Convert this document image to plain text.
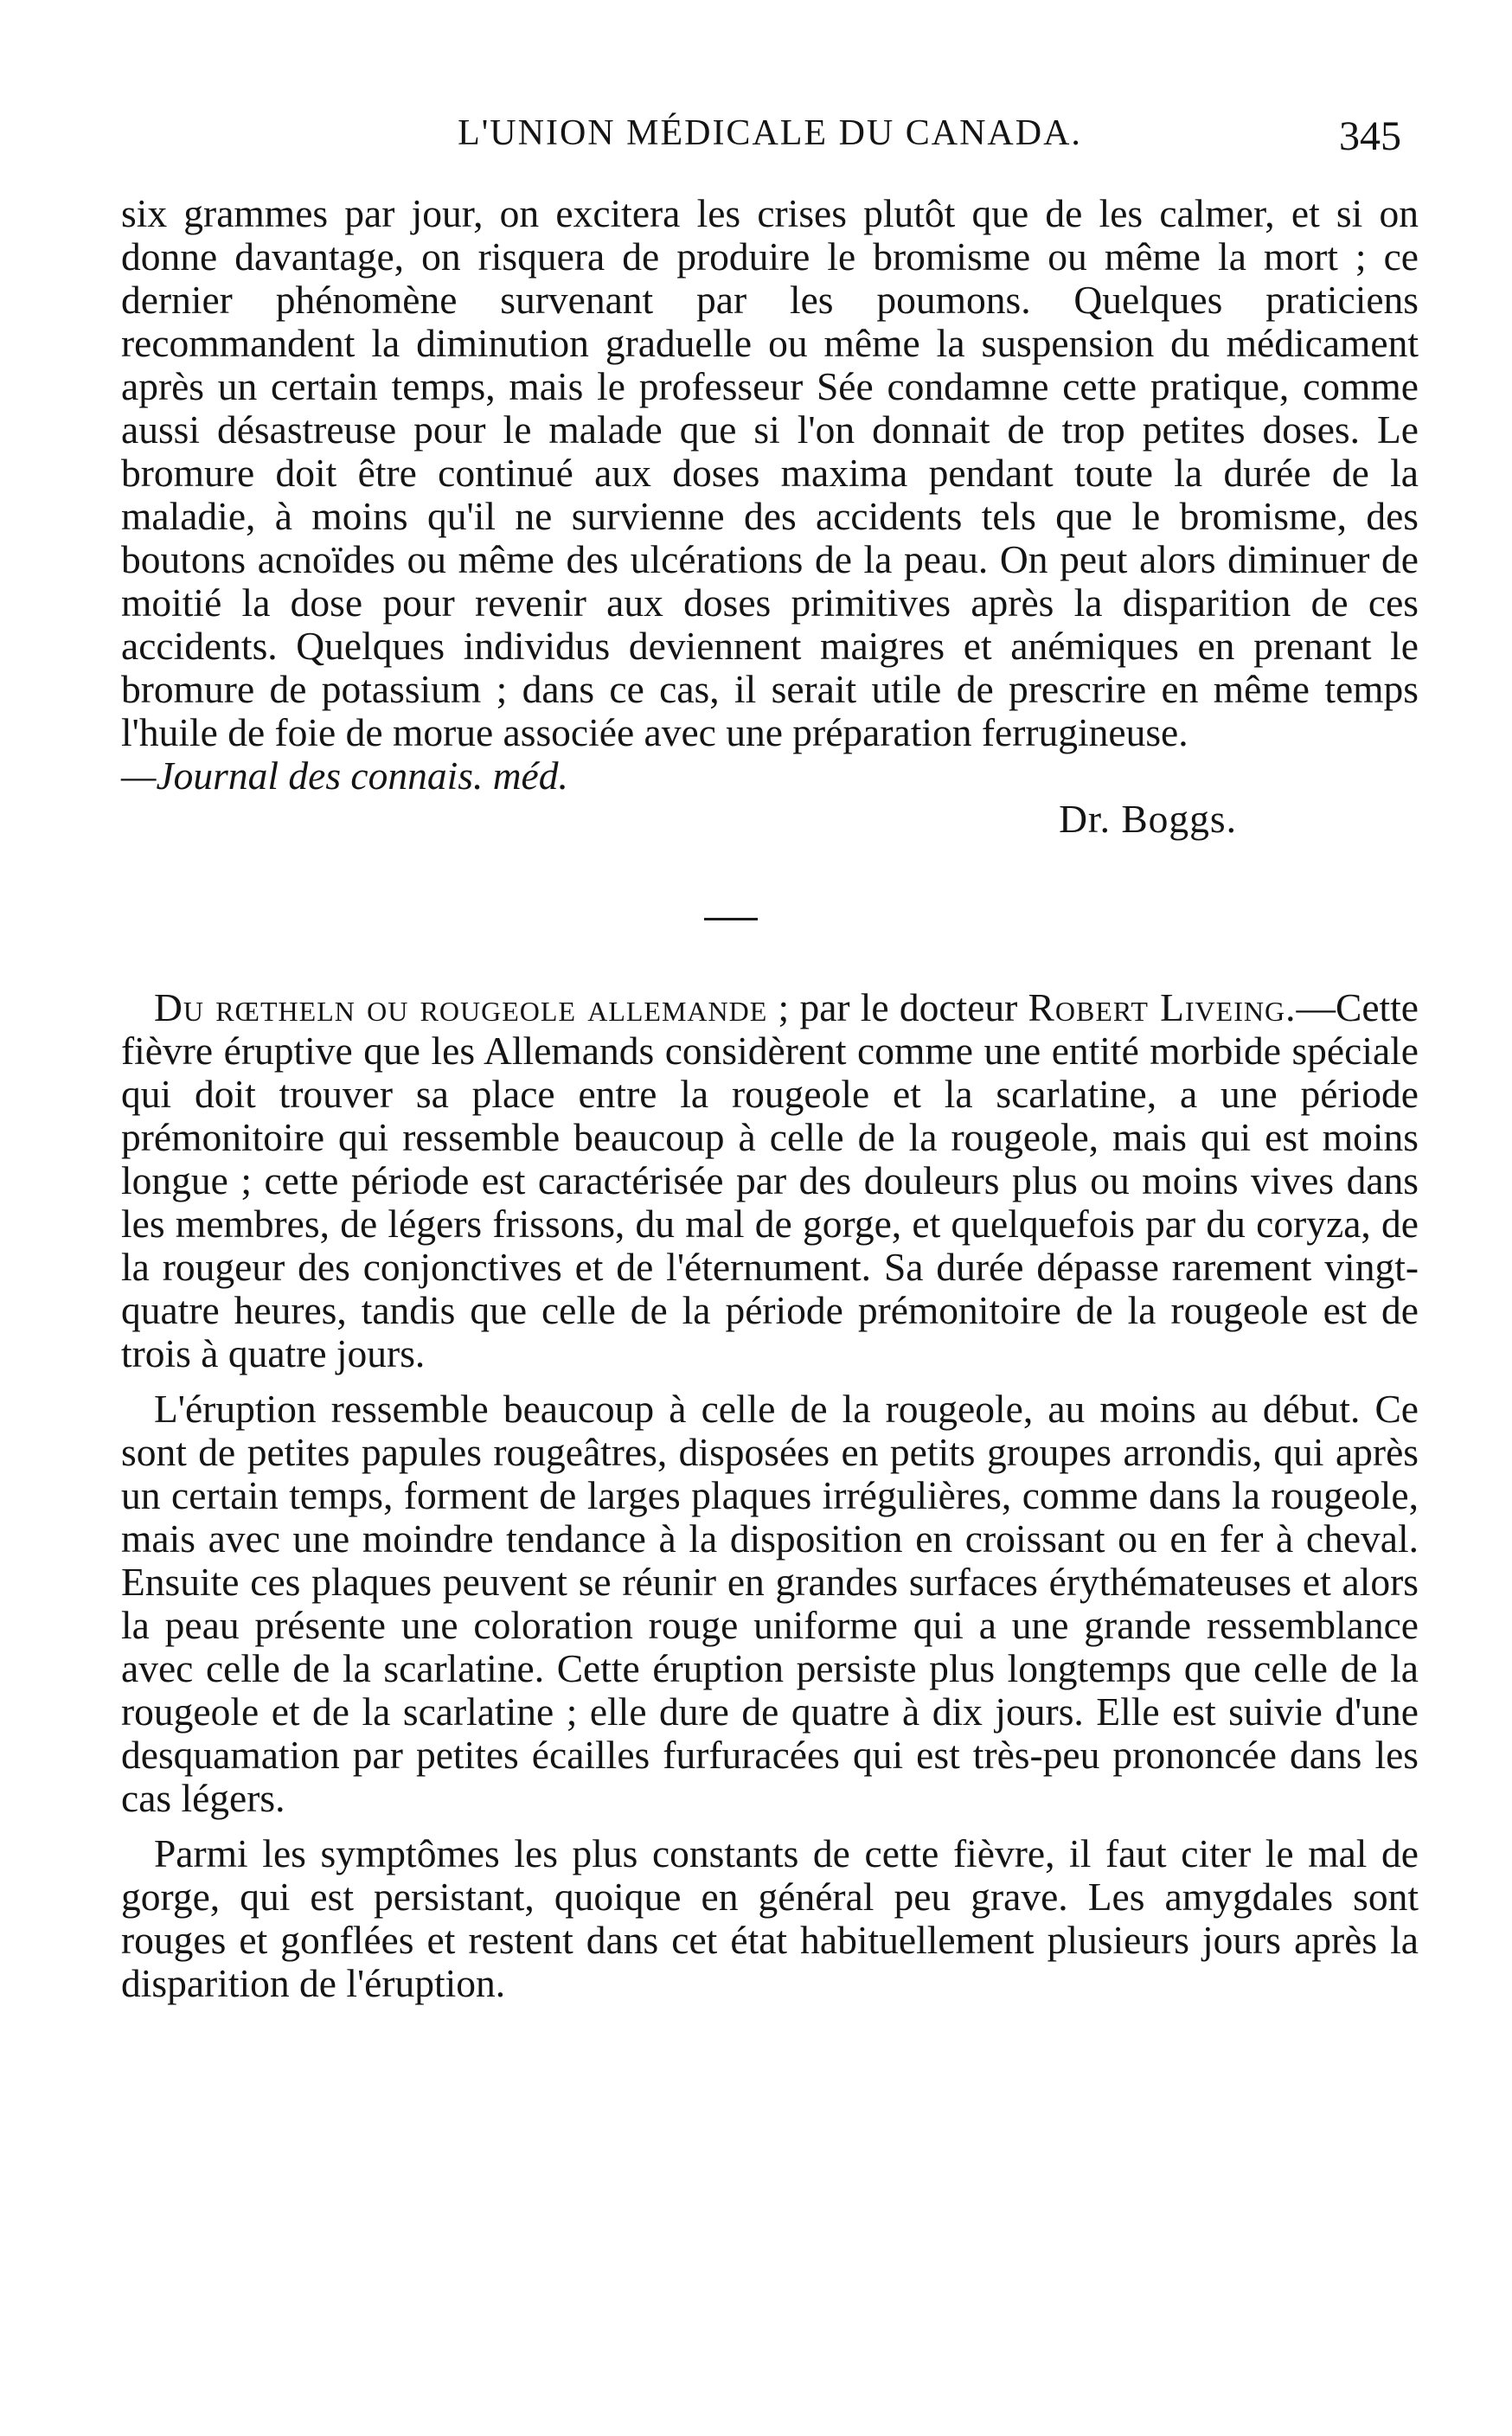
L'UNION MÉDICALE DU CANADA.	345

six grammes par jour, on excitera les crises plutôt que de les calmer, et si on donne davantage, on risquera de produire le bromisme ou même la mort ; ce dernier phénomène survenant par les poumons. Quelques praticiens recommandent la diminution graduelle ou même la suspension du médicament après un certain temps, mais le professeur Sée condamne cette pratique, comme aussi désastreuse pour le malade que si l'on donnait de trop petites doses. Le bromure doit être continué aux doses maxima pendant toute la durée de la maladie, à moins qu'il ne survienne des accidents tels que le bromisme, des boutons acnoïdes ou même des ulcérations de la peau. On peut alors diminuer de moitié la dose pour revenir aux doses primitives après la disparition de ces accidents. Quelques individus deviennent maigres et anémiques en prenant le bromure de potassium ; dans ce cas, il serait utile de prescrire en même temps l'huile de foie de morue associée avec une préparation ferrugineuse.

—Journal des connais. méd.

Dr. Boggs.

Du rœtheln ou rougeole allemande ; par le docteur Robert Liveing.—Cette fièvre éruptive que les Allemands considèrent comme une entité morbide spéciale qui doit trouver sa place entre la rougeole et la scarlatine, a une période prémonitoire qui ressemble beaucoup à celle de la rougeole, mais qui est moins longue ; cette période est caractérisée par des douleurs plus ou moins vives dans les membres, de légers frissons, du mal de gorge, et quelquefois par du coryza, de la rougeur des conjonctives et de l'éternument. Sa durée dépasse rarement vingt-quatre heures, tandis que celle de la période prémonitoire de la rougeole est de trois à quatre jours.

L'éruption ressemble beaucoup à celle de la rougeole, au moins au début. Ce sont de petites papules rougeâtres, disposées en petits groupes arrondis, qui après un certain temps, forment de larges plaques irrégulières, comme dans la rougeole, mais avec une moindre tendance à la disposition en croissant ou en fer à cheval. Ensuite ces plaques peuvent se réunir en grandes surfaces érythémateuses et alors la peau présente une coloration rouge uniforme qui a une grande ressemblance avec celle de la scarlatine. Cette éruption persiste plus longtemps que celle de la rougeole et de la scarlatine ; elle dure de quatre à dix jours. Elle est suivie d'une desquamation par petites écailles furfuracées qui est très-peu prononcée dans les cas légers.

Parmi les symptômes les plus constants de cette fièvre, il faut citer le mal de gorge, qui est persistant, quoique en général peu grave. Les amygdales sont rouges et gonflées et restent dans cet état habituellement plusieurs jours après la disparition de l'éruption.
